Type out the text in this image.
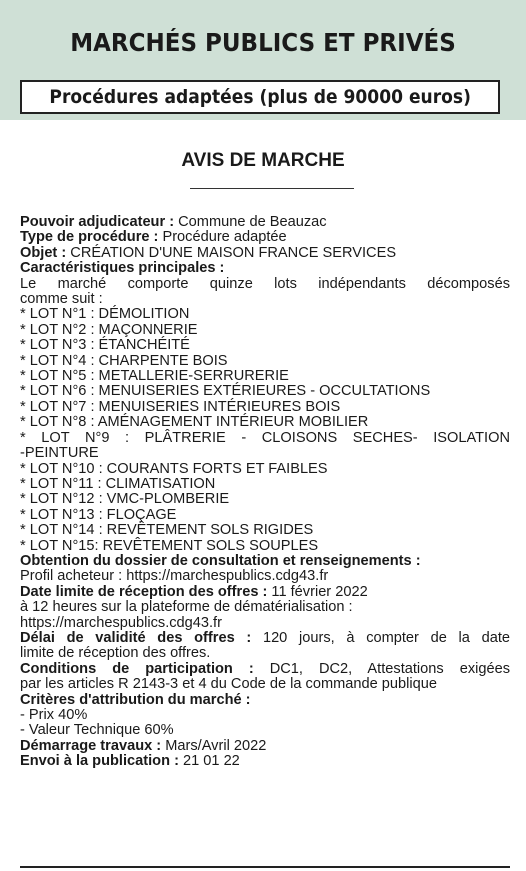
MARCHÉS PUBLICS ET PRIVÉS
Procédures adaptées (plus de 90000 euros)
AVIS DE MARCHE
Pouvoir adjudicateur : Commune de Beauzac
Type de procédure : Procédure adaptée
Objet : CRÉATION D'UNE MAISON FRANCE SERVICES
Caractéristiques principales :
Le marché comporte quinze lots indépendants décomposés
comme suit :
* LOT N°1 : DÉMOLITION
* LOT N°2 : MAÇONNERIE
* LOT N°3 : ÉTANCHÉITÉ
* LOT N°4 : CHARPENTE BOIS
* LOT N°5 : METALLERIE-SERRURERIE
* LOT N°6 : MENUISERIES EXTÉRIEURES - OCCULTATIONS
* LOT N°7 : MENUISERIES INTÉRIEURES BOIS
* LOT N°8 : AMÉNAGEMENT INTÉRIEUR MOBILIER
* LOT N°9 : PLÂTRERIE - CLOISONS SECHES- ISOLATION
-PEINTURE
* LOT N°10 : COURANTS FORTS ET FAIBLES
* LOT N°11 : CLIMATISATION
* LOT N°12 : VMC-PLOMBERIE
* LOT N°13 : FLOÇAGE
* LOT N°14 : REVÊTEMENT SOLS RIGIDES
* LOT N°15: REVÊTEMENT SOLS SOUPLES
Obtention du dossier de consultation et renseignements :
Profil acheteur : https://marchespublics.cdg43.fr
Date limite de réception des offres : 11 février 2022
à 12 heures sur la plateforme de dématérialisation :
https://marchespublics.cdg43.fr
Délai de validité des offres : 120 jours, à compter de la date
limite de réception des offres.
Conditions de participation : DC1, DC2, Attestations exigées
par les articles R 2143-3 et 4 du Code de la commande publique
Critères d'attribution du marché :
- Prix 40%
- Valeur Technique 60%
Démarrage travaux : Mars/Avril 2022
Envoi à la publication : 21 01 22
